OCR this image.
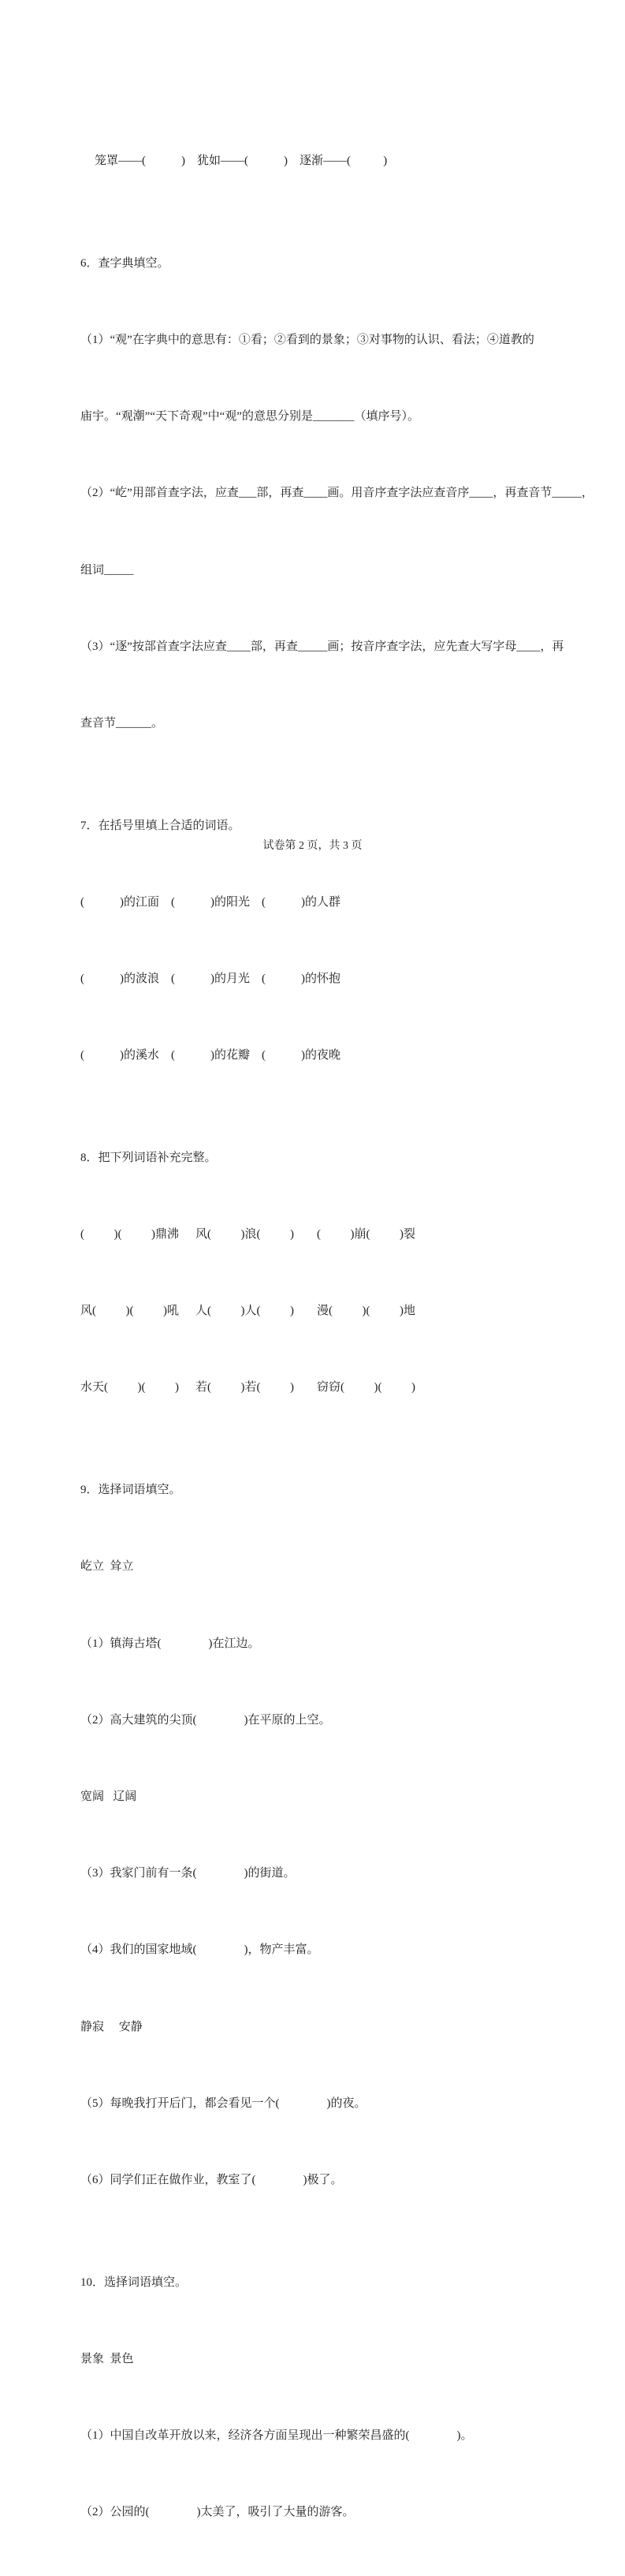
笼罩——(            )    犹如——(            )    逐渐——(           )

6．查字典填空。

（1）“观”在字典中的意思有：①看；②看到的景象；③对事物的认识、看法；④道教的

庙宇。“观潮”“天下奇观”中“观”的意思分别是_______（填序号）。

（2）“屹”用部首查字法，应查___部，再查____画。用音序查字法应查音序____，再查音节_____，

组词_____

（3）“逐”按部首查字法应查____部，再查_____画；按音序查字法，应先查大写字母____，再

查音节______。

7．在括号里填上合适的词语。

(            )的江面    (            )的阳光    (            )的人群

(            )的波浪    (            )的月光    (            )的怀抱

(            )的溪水    (            )的花瓣    (            )的夜晚

8．把下列词语补充完整。

(          )(          )鼎沸	风(          )浪(          )	(          )崩(          )裂

风(          )(          )吼	人(          )人(          )	漫(          )(          )地

水天(          )(          )	若(          )若(          )	窃窃(          )(          )

9．选择词语填空。

屹立  耸立

（1）镇海古塔(                )在江边。

（2）高大建筑的尖顶(                )在平原的上空。

宽阔   辽阔

（3）我家门前有一条(                )的街道。

（4）我们的国家地域(                )，物产丰富。

静寂     安静

（5）每晚我打开后门，都会看见一个(                )的夜。

（6）同学们正在做作业，教室了(                )极了。

10．选择词语填空。

景象  景色

（1）中国自改革开放以来，经济各方面呈现出一种繁荣昌盛的(                )。

（2）公园的(                )太美了，吸引了大量的游客。

试卷第 2 页，共 3 页
